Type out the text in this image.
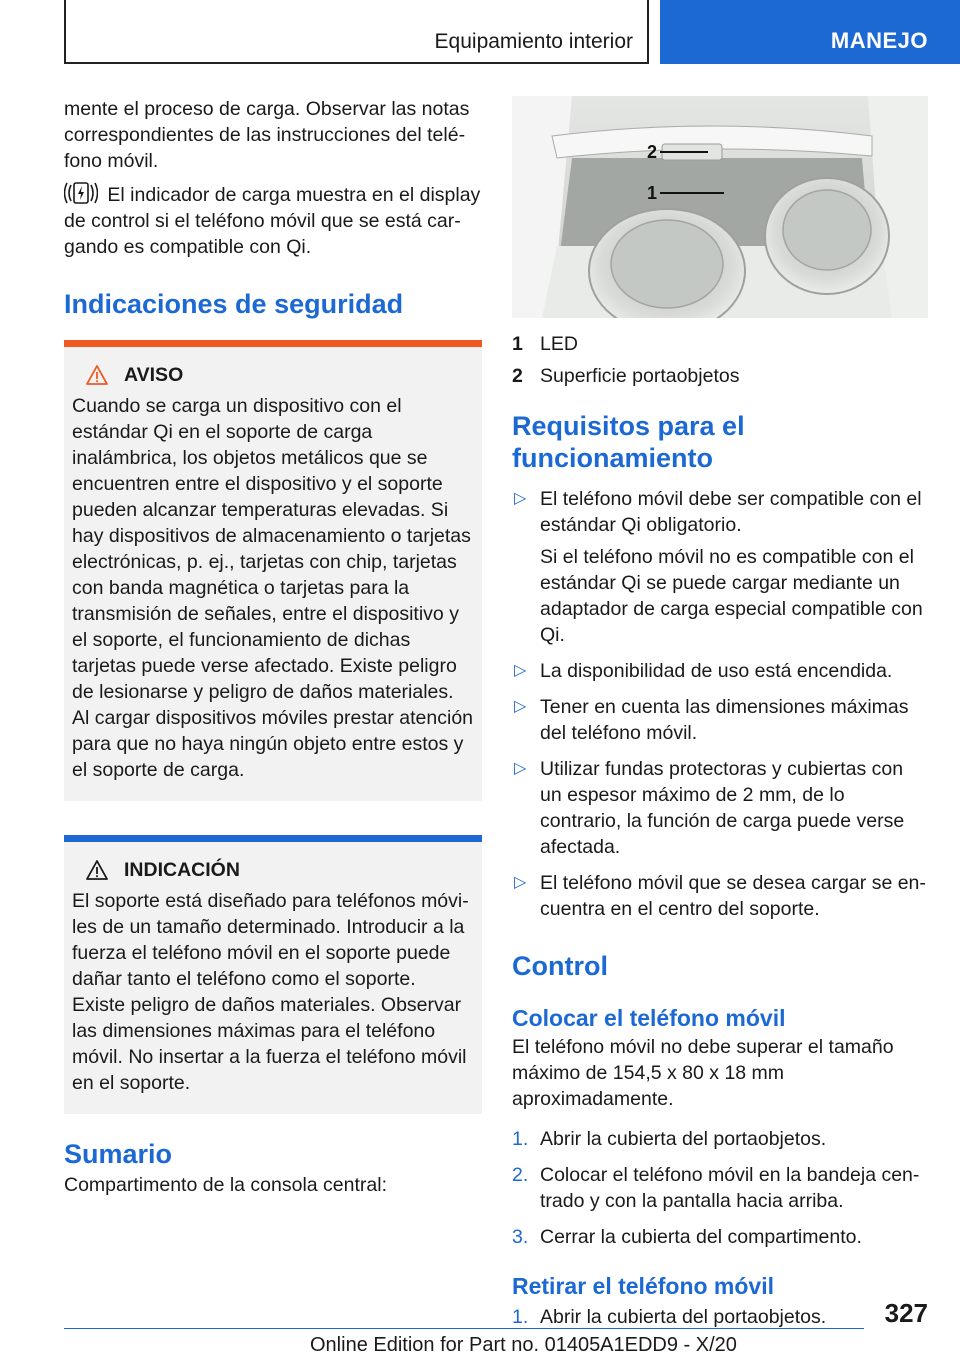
Equipamiento interior	MANEJO

mente el proceso de carga. Observar las notas correspondientes de las instrucciones del teléfono móvil.

El indicador de carga muestra en el display de control si el teléfono móvil que se está cargando es compatible con Qi.
Indicaciones de seguridad
AVISO

Cuando se carga un dispositivo con el estándar Qi en el soporte de carga inalámbrica, los objetos metálicos que se encuentren entre el dispositivo y el soporte pueden alcanzar temperaturas elevadas. Si hay dispositivos de almacenamiento o tarjetas electrónicas, p. ej., tarjetas con chip, tarjetas con banda magnética o tarjetas para la transmisión de señales, entre el dispositivo y el soporte, el funcionamiento de dichas tarjetas puede verse afectado. Existe peligro de lesionarse y peligro de daños materiales. Al cargar dispositivos móviles prestar atención para que no haya ningún objeto entre estos y el soporte de carga.

INDICACIÓN

El soporte está diseñado para teléfonos móviles de un tamaño determinado. Introducir a la fuerza el teléfono móvil en el soporte puede dañar tanto el teléfono como el soporte. Existe peligro de daños materiales. Observar las dimensiones máximas para el teléfono móvil. No insertar a la fuerza el teléfono móvil en el soporte.

Sumario

Compartimento de la consola central:

2
1
1 LED
2 Superficie portaobjetos
Requisitos para el funcionamiento
▷ El teléfono móvil debe ser compatible con el estándar Qi obligatorio.

Si el teléfono móvil no es compatible con el estándar Qi se puede cargar mediante un adaptador de carga especial compatible con Qi.

▷ La disponibilidad de uso está encendida.
▷ Tener en cuenta las dimensiones máximas del teléfono móvil.
▷ Utilizar fundas protectoras y cubiertas con un espesor máximo de 2 mm, de lo contrario, la función de carga puede verse afectada.
▷ El teléfono móvil que se desea cargar se encuentra en el centro del soporte.
Control
Colocar el teléfono móvil

El teléfono móvil no debe superar el tamaño máximo de 154,5 x 80 x 18 mm aproximadamente.

1. Abrir la cubierta del portaobjetos.
2. Colocar el teléfono móvil en la bandeja centrado y con la pantalla hacia arriba.
3. Cerrar la cubierta del compartimento.
Retirar el teléfono móvil
1. Abrir la cubierta del portaobjetos. 327
Online Edition for Part no. 01405A1EDD9 - X/20
